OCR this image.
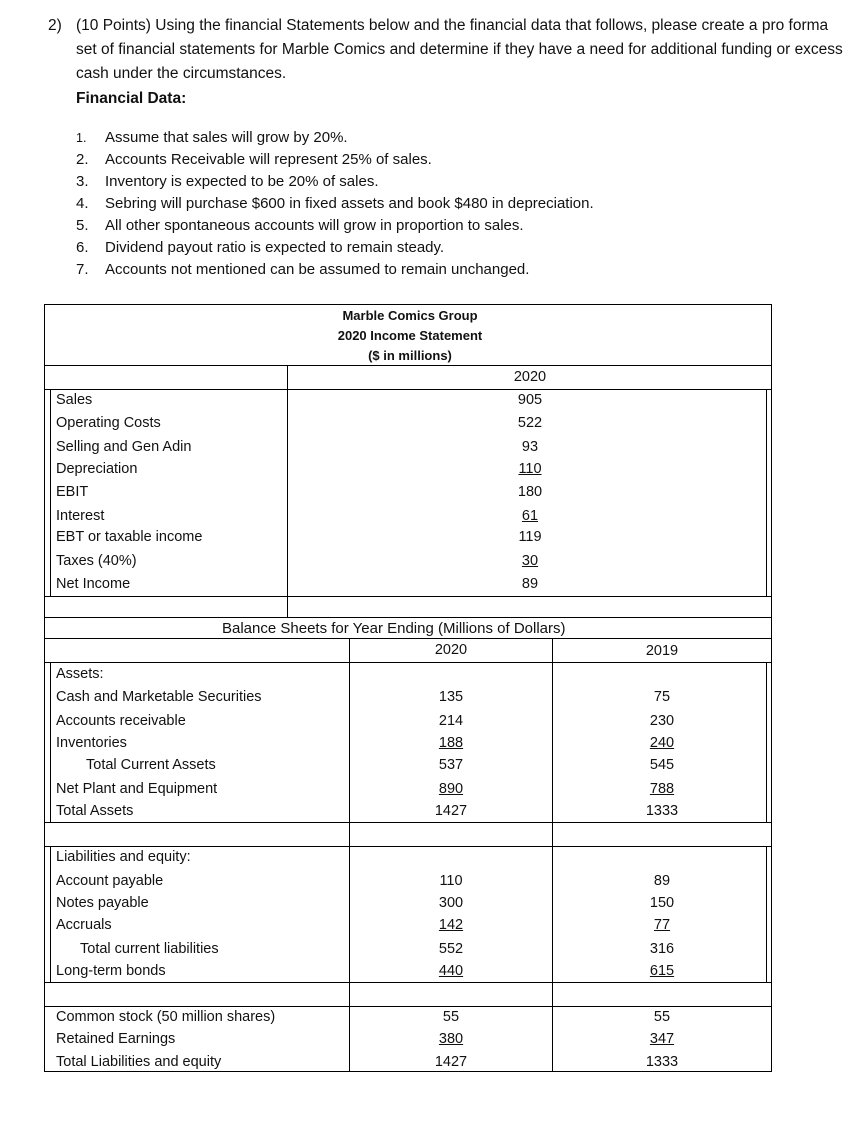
2) (10 Points) Using the financial Statements below and the financial data that follows, please create a pro forma set of financial statements for Marble Comics and determine if they have a need for additional funding or excess cash under the circumstances.
Financial Data:
1.	Assume that sales will grow by 20%.
2.	Accounts Receivable will represent 25% of sales.
3.	Inventory is expected to be 20% of sales.
4.	Sebring will purchase $600 in fixed assets and book $480 in depreciation.
5.	All other spontaneous accounts will grow in proportion to sales.
6.	Dividend payout ratio is expected to remain steady.
7.	Accounts not mentioned can be assumed to remain unchanged.
Marble Comics Group
2020 Income Statement
($ in millions)
2020
Sales	905
Operating Costs	522
Selling and Gen Adin	93
Depreciation	110
EBIT	180
Interest	61
EBT or taxable income	119
Taxes (40%)	30
Net Income	89
Balance Sheets for Year Ending (Millions of Dollars)
2020	2019
Assets:
Cash and Marketable Securities	135	75
Accounts receivable	214	230
Inventories	188	240
Total Current Assets	537	545
Net Plant and Equipment	890	788
Total Assets	1427	1333
Liabilities and equity:
Account payable	110	89
Notes payable	300	150
Accruals	142	77
Total current liabilities	552	316
Long-term bonds	440	615
Common stock (50 million shares)	55	55
Retained Earnings	380	347
Total Liabilities and equity	1427	1333
